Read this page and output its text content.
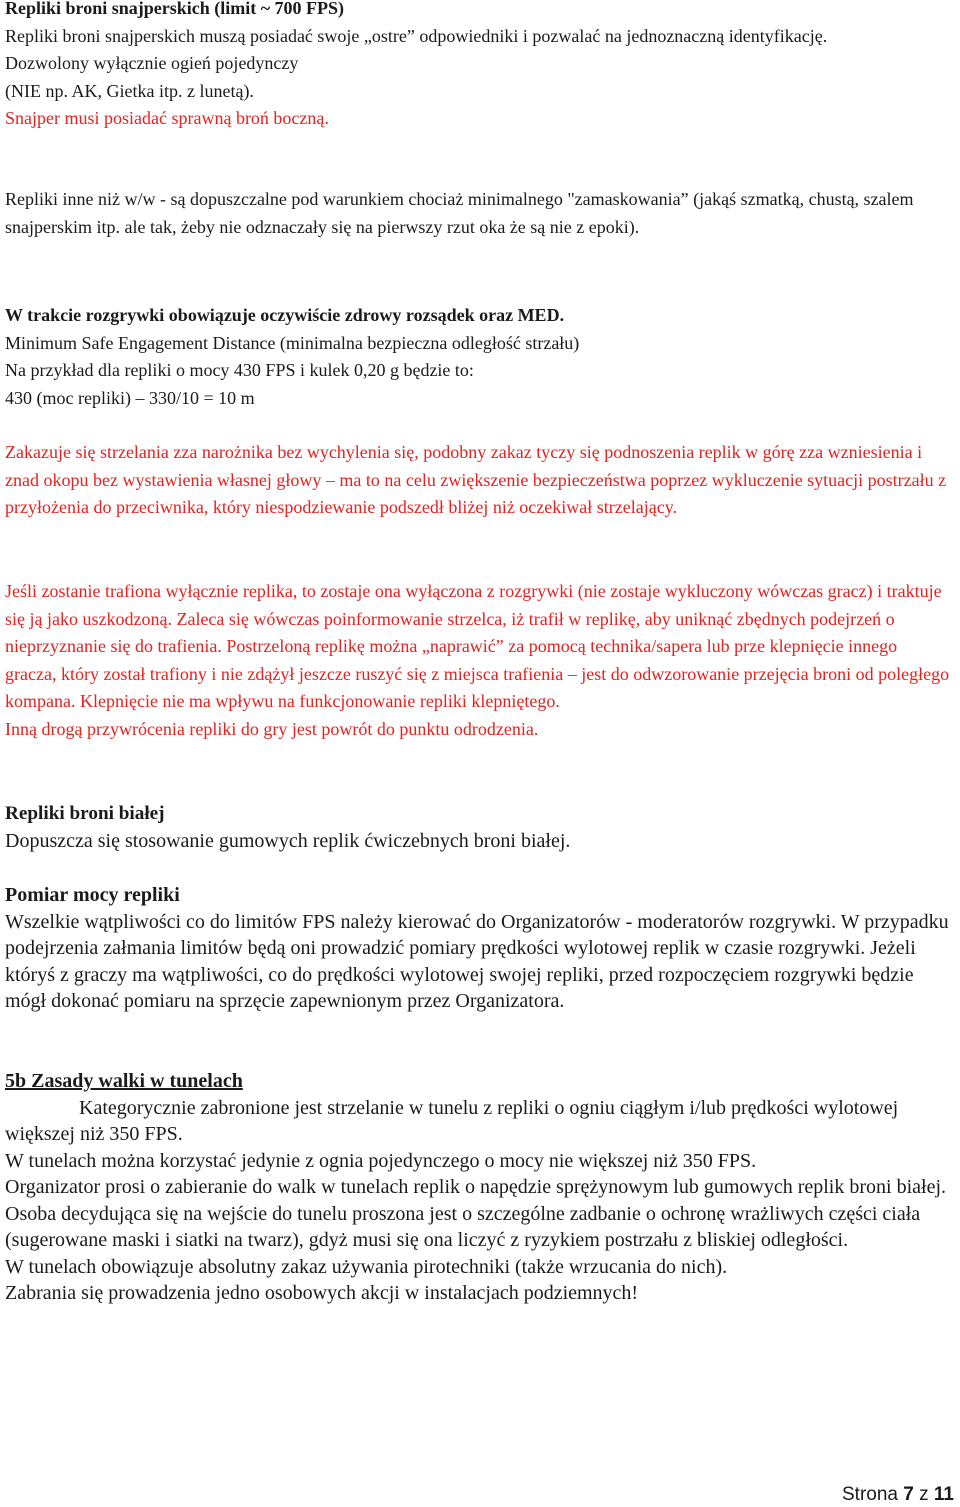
Repliki broni snajperskich (limit ~ 700 FPS)
Repliki broni snajperskich muszą posiadać swoje „ostre” odpowiedniki i pozwalać na jednoznaczną identyfikację.
Dozwolony wyłącznie ogień pojedynczy
(NIE np. AK, Gietka itp. z lunetą).
Snajper musi posiadać sprawną broń boczną.
Repliki inne niż w/w - są dopuszczalne pod warunkiem chociaż minimalnego "zamaskowania” (jakąś szmatką, chustą, szalem snajperskim itp. ale tak, żeby nie odznaczały się na pierwszy rzut oka że są nie z epoki).
W trakcie rozgrywki obowiązuje oczywiście zdrowy rozsądek oraz MED.
Minimum Safe Engagement Distance (minimalna bezpieczna odległość strzału)
Na przykład dla repliki o mocy 430 FPS i kulek 0,20 g będzie to:
430 (moc repliki) – 330/10 = 10 m
Zakazuje się strzelania zza narożnika bez wychylenia się, podobny zakaz tyczy się podnoszenia replik w górę zza wzniesienia i znad okopu bez wystawienia własnej głowy – ma to na celu zwiększenie bezpieczeństwa poprzez wykluczenie sytuacji postrzału z przyłożenia do przeciwnika, który niespodziewanie podszedł bliżej niż oczekiwał strzelający.
Jeśli zostanie trafiona wyłącznie replika, to zostaje ona wyłączona z rozgrywki (nie zostaje wykluczony wówczas gracz) i traktuje się ją jako uszkodzoną. Zaleca się wówczas poinformowanie strzelca, iż trafił w replikę, aby uniknąć zbędnych podejrzeń o nieprzyznanie się do trafienia. Postrzeloną replikę można „naprawić” za pomocą technika/sapera lub prze klepnięcie innego gracza, który został trafiony i nie zdążył jeszcze ruszyć się z miejsca trafienia – jest do odwzorowanie przejęcia broni od poległego kompana. Klepnięcie nie ma wpływu na funkcjonowanie repliki klepniętego.
Inną drogą przywrócenia repliki do gry jest powrót do punktu odrodzenia.
Repliki broni białej
Dopuszcza się stosowanie gumowych replik ćwiczebnych broni białej.
Pomiar mocy repliki
Wszelkie wątpliwości co do limitów FPS należy kierować do Organizatorów - moderatorów rozgrywki. W przypadku podejrzenia załmania limitów będą oni prowadzić pomiary prędkości wylotowej replik w czasie rozgrywki. Jeżeli któryś z graczy ma wątpliwości, co do prędkości wylotowej swojej repliki, przed rozpoczęciem rozgrywki będzie mógł dokonać pomiaru na sprzęcie zapewnionym przez Organizatora.
5b Zasady walki w tunelach
Kategorycznie zabronione jest strzelanie w tunelu z repliki o ogniu ciągłym i/lub prędkości wylotowej większej niż 350 FPS.
W tunelach można korzystać jedynie z ognia pojedynczego o mocy nie większej niż 350 FPS.
Organizator prosi o zabieranie do walk w tunelach replik o napędzie sprężynowym lub gumowych replik broni białej.
Osoba decydująca się na wejście do tunelu proszona jest o szczególne zadbanie o ochronę wrażliwych części ciała (sugerowane maski i siatki na twarz), gdyż musi się ona liczyć z ryzykiem postrzału z bliskiej odległości.
W tunelach obowiązuje absolutny zakaz używania pirotechniki (także wrzucania do nich).
Zabrania się prowadzenia jedno osobowych akcji w instalacjach podziemnych!
Strona 7 z 11
